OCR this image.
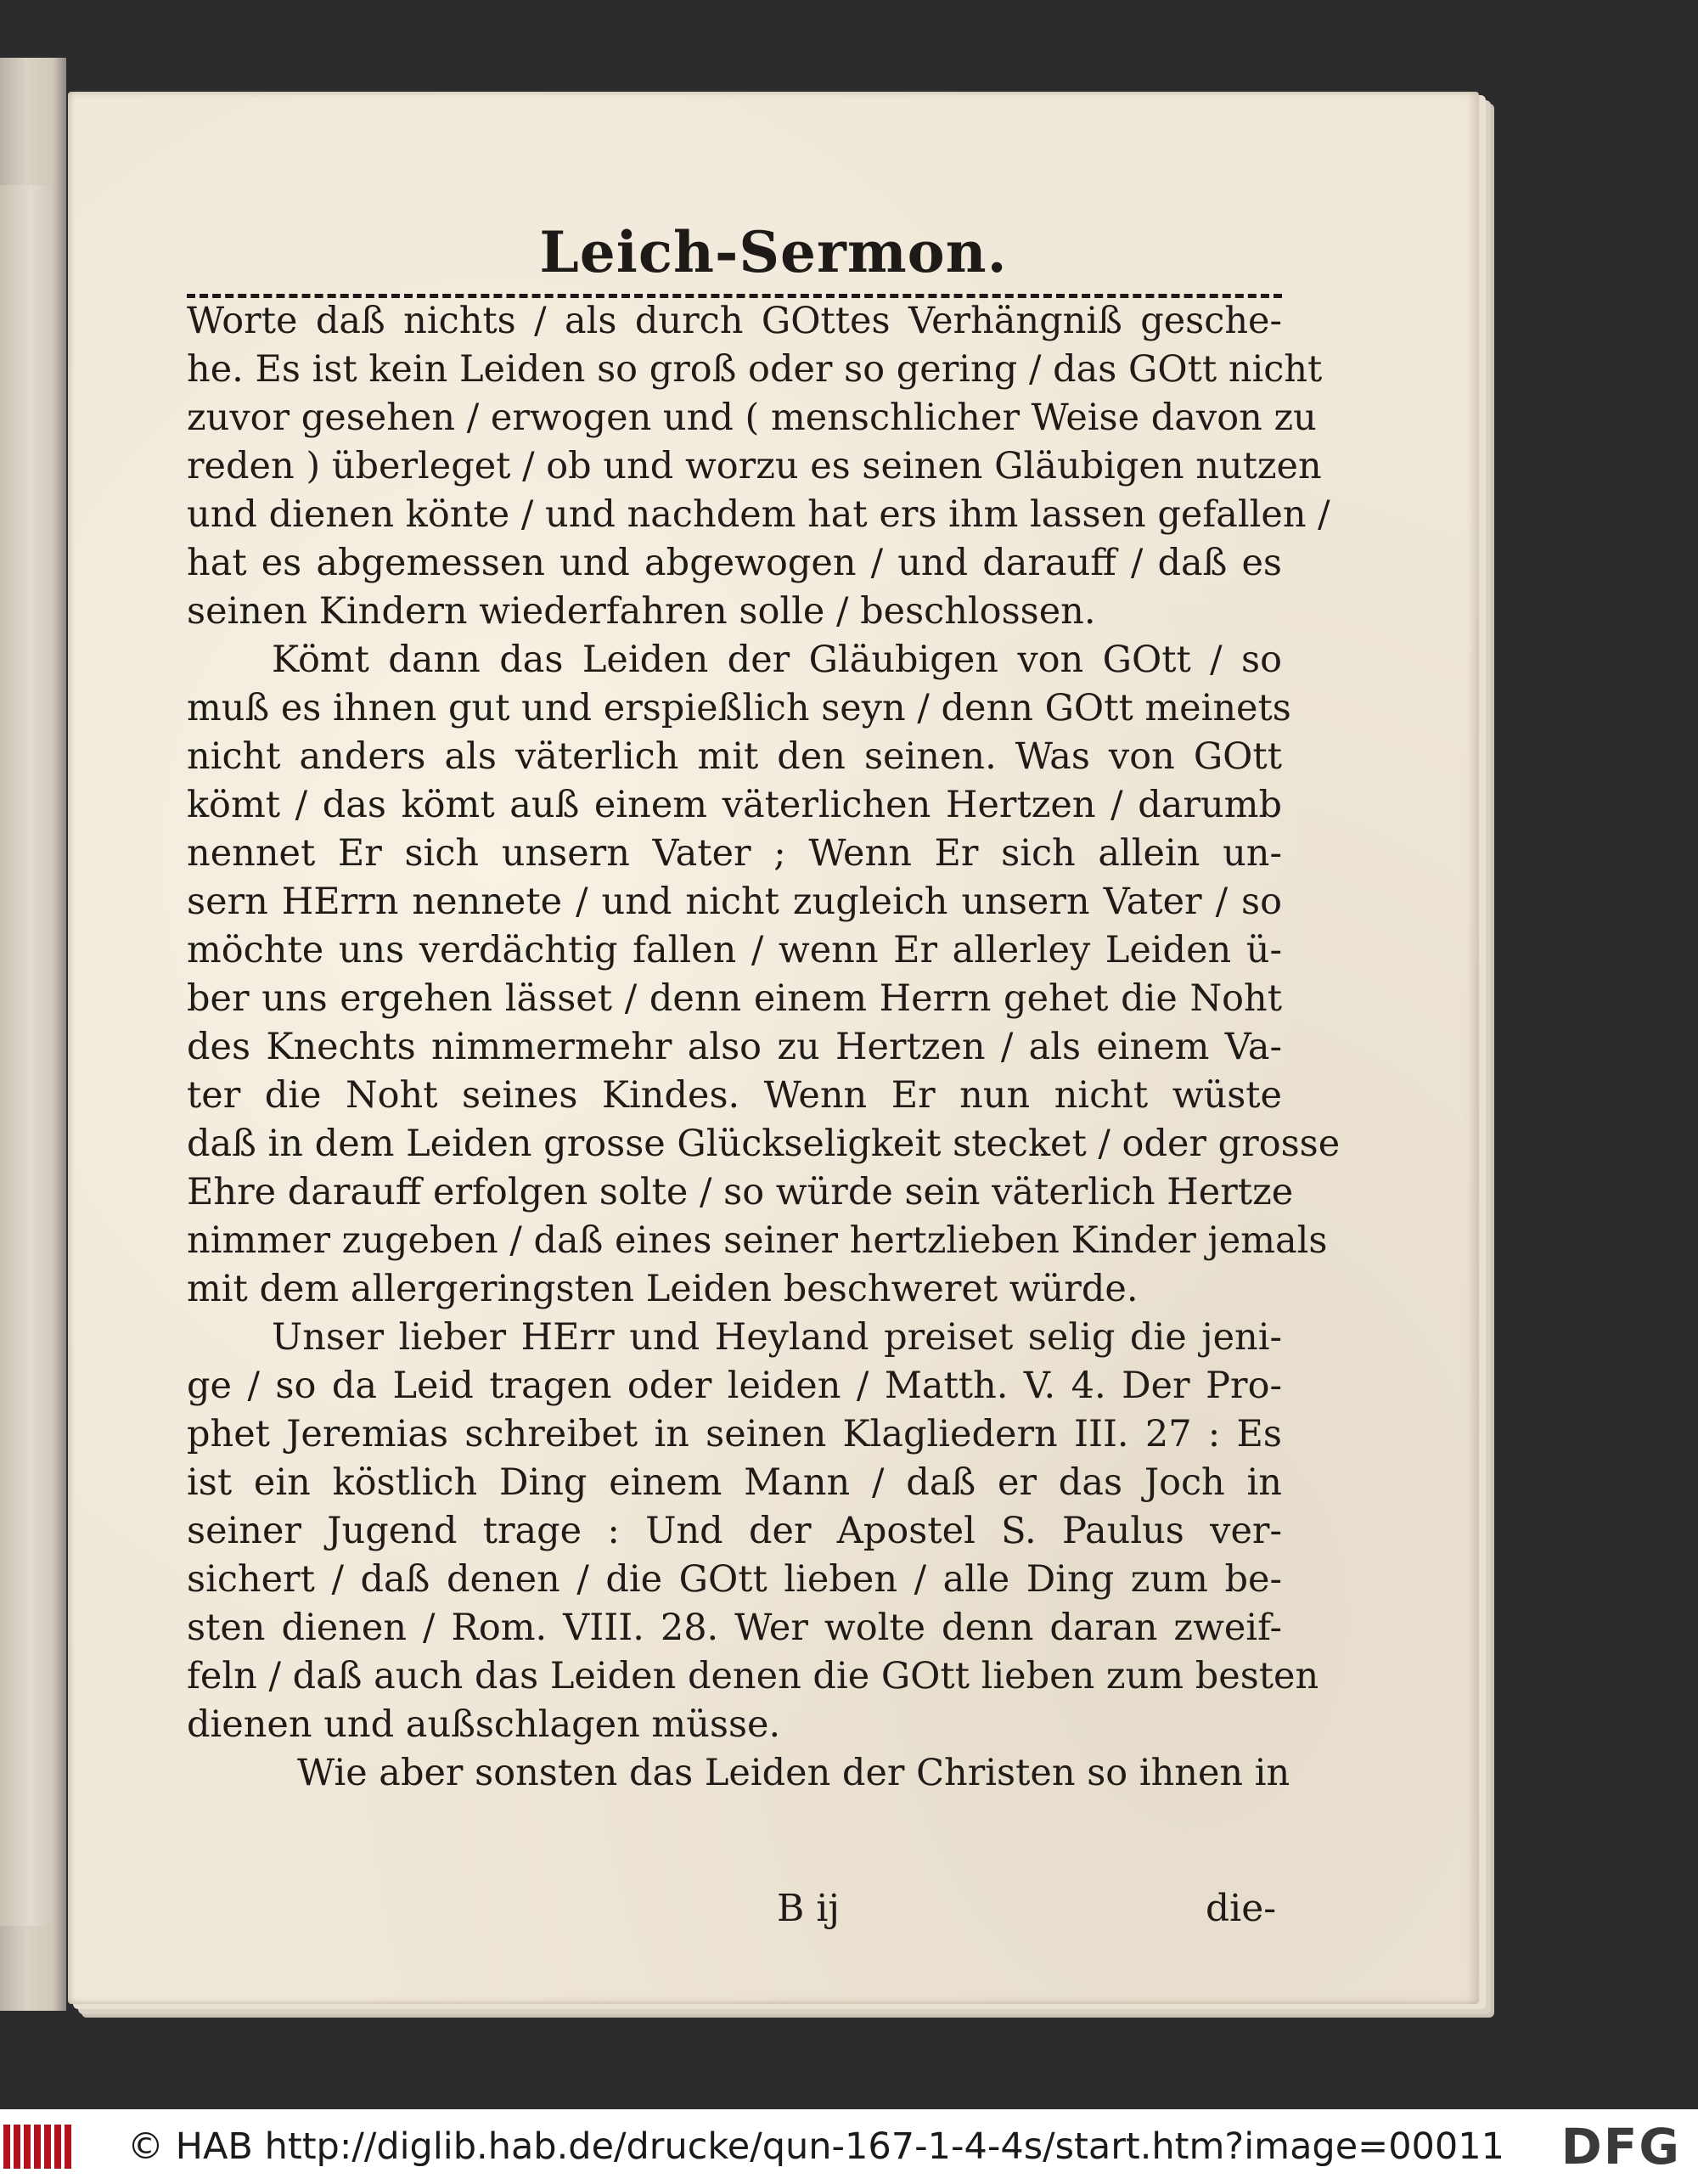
Leich-Sermon.
Worte daß nichts / als durch GOttes Verhängniß gesche-
he. Es ist kein Leiden so groß oder so gering / das GOtt nicht
zuvor gesehen / erwogen und ( menschlicher Weise davon zu
reden ) überleget / ob und worzu es seinen Gläubigen nutzen
und dienen könte / und nachdem hat ers ihm lassen gefallen /
hat es abgemessen und abgewogen / und darauff / daß es
seinen Kindern wiederfahren solle / beschlossen.
Kömt dann das Leiden der Gläubigen von GOtt / so
muß es ihnen gut und erspießlich seyn / denn GOtt meinets
nicht anders als väterlich mit den seinen. Was von GOtt
kömt / das kömt auß einem väterlichen Hertzen / darumb
nennet Er sich unsern Vater ; Wenn Er sich allein un-
sern HErrn nennete / und nicht zugleich unsern Vater / so
möchte uns verdächtig fallen / wenn Er allerley Leiden ü-
ber uns ergehen lässet / denn einem Herrn gehet die Noht
des Knechts nimmermehr also zu Hertzen / als einem Va-
ter die Noht seines Kindes. Wenn Er nun nicht wüste
daß in dem Leiden grosse Glückseligkeit stecket / oder grosse
Ehre darauff erfolgen solte / so würde sein väterlich Hertze
nimmer zugeben / daß eines seiner hertzlieben Kinder jemals
mit dem allergeringsten Leiden beschweret würde.
Unser lieber HErr und Heyland preiset selig die jeni-
ge / so da Leid tragen oder leiden / Matth. V. 4. Der Pro-
phet Jeremias schreibet in seinen Klagliedern III. 27 : Es
ist ein köstlich Ding einem Mann / daß er das Joch in
seiner Jugend trage : Und der Apostel S. Paulus ver-
sichert / daß denen / die GOtt lieben / alle Ding zum be-
sten dienen / Rom. VIII. 28. Wer wolte denn daran zweif-
feln / daß auch das Leiden denen die GOtt lieben zum besten
dienen und außschlagen müsse.
Wie aber sonsten das Leiden der Christen so ihnen in
B ij	die-
© HAB http://diglib.hab.de/drucke/qun-167-1-4-4s/start.htm?image=00011 DFG
